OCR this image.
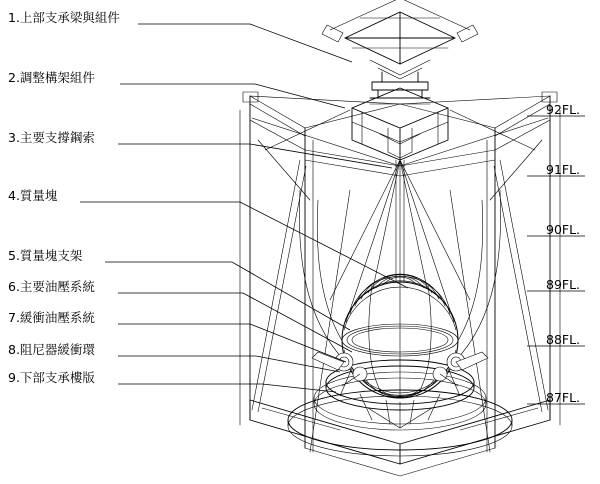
1.上部支承梁與組件
2.調整構架組件
3.主要支撐鋼索
4.質量塊
5.質量塊支架
6.主要油壓系統
7.緩衝油壓系統
8.阻尼器緩衝環
9.下部支承樓版
92FL.
91FL.
90FL.
89FL.
88FL.
87FL.
